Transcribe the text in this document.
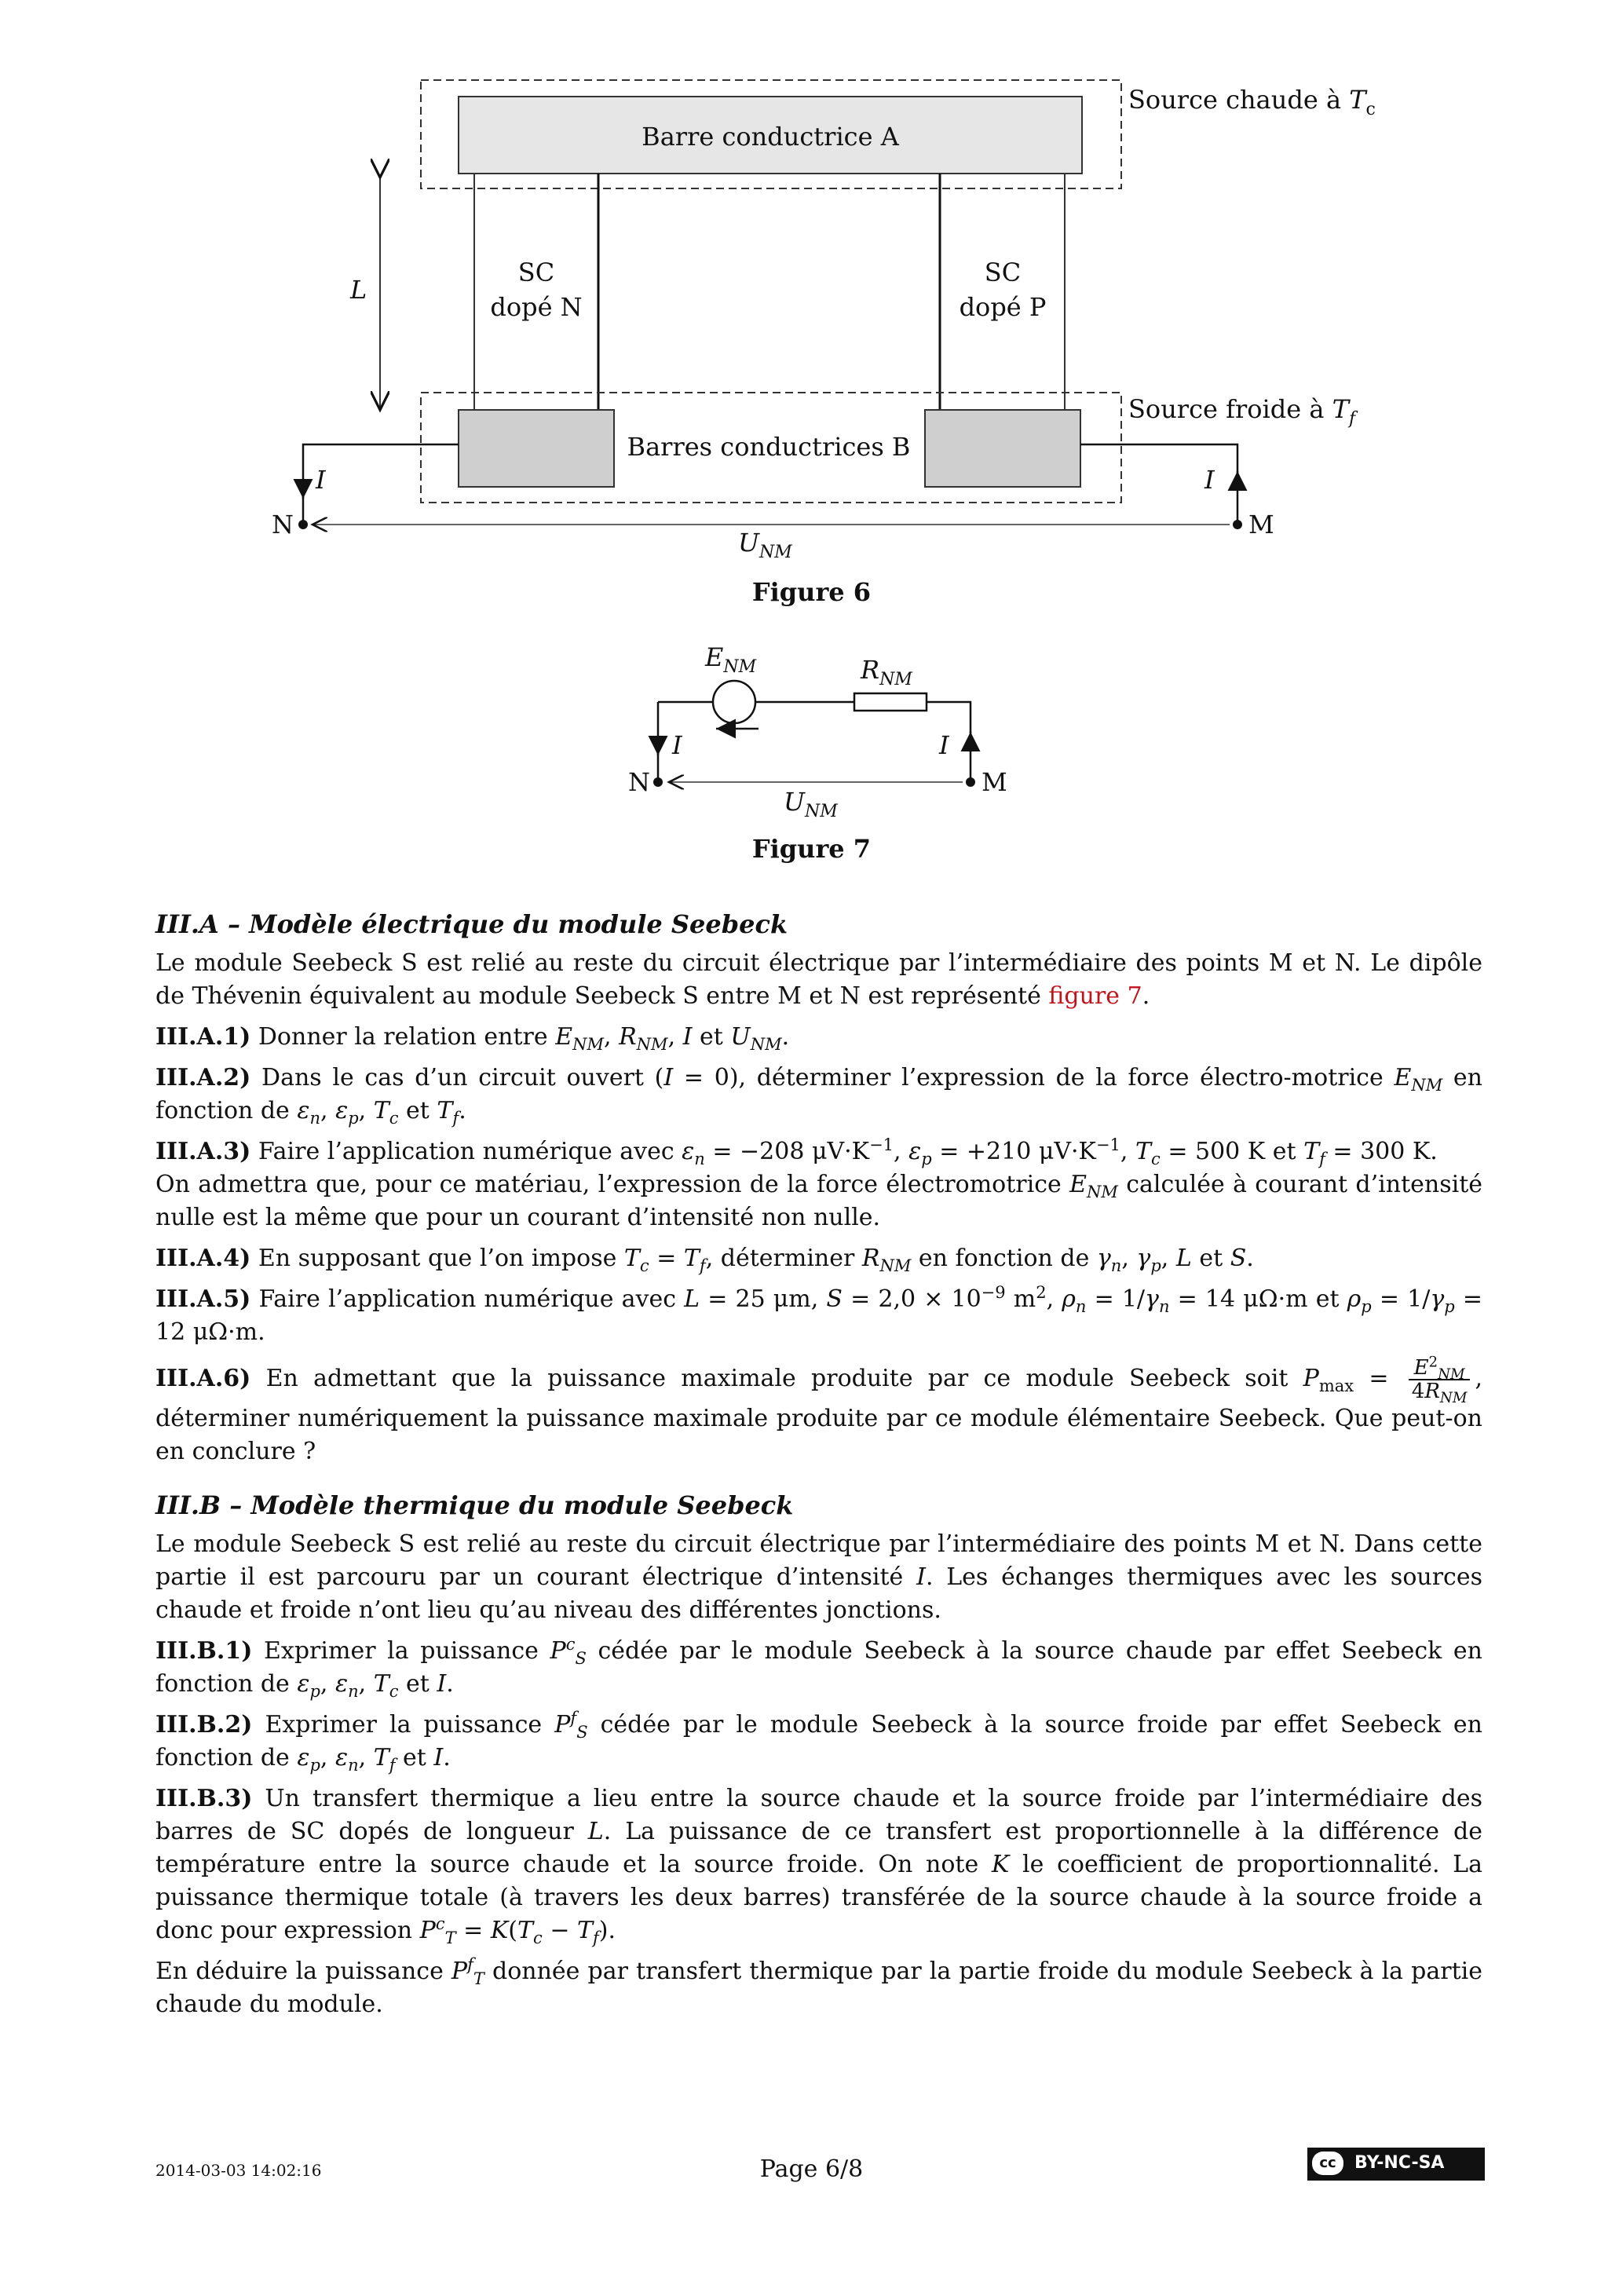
Barre conductrice A
Source chaude à $T_c$
SC
dopé N
SC
dopé P
L
Source froide à $T_f$
Barres conductrices B
I	I
N	M
$U_{NM}$
Figure 6
$E_{NM}$	$R_{NM}$
I	I
N	M
$U_{NM}$
Figure 7

III.A – Modèle électrique du module Seebeck

Le module Seebeck S est relié au reste du circuit électrique par l’intermédiaire des points M et N. Le dipôle de Thévenin équivalent au module Seebeck S entre M et N est représenté figure 7.

III.A.1) Donner la relation entre $E_{NM}$, $R_{NM}$, I et $U_{NM}$.

III.A.2) Dans le cas d’un circuit ouvert (I = 0), déterminer l’expression de la force électro-motrice $E_{NM}$ en fonction de $\varepsilon_n$, $\varepsilon_p$, $T_c$ et $T_f$.

III.A.3) Faire l’application numérique avec $\varepsilon_n = -208$ $\mu V\cdot K^{-1}$, $\varepsilon_p = +210$ $\mu V\cdot K^{-1}$, $T_c = 500$ K et $T_f = 300$ K.

On admettra que, pour ce matériau, l’expression de la force électromotrice $E_{NM}$ calculée à courant d’intensité nulle est la même que pour un courant d’intensité non nulle.

III.A.4) En supposant que l’on impose $T_c = T_f$, déterminer $R_{NM}$ en fonction de $\gamma_n$, $\gamma_p$, L et S.

III.A.5) Faire l’application numérique avec L = 25 μm, $S = 2,0 \times 10^{-9}$ $m^2$, $\rho_n = 1/\gamma_n = 14$ μΩ·m et $\rho_p = 1/\gamma_p = 12$ μΩ·m.

III.A.6) En admettant que la puissance maximale produite par ce module Seebeck soit $P_{max} = \frac{E^2_{NM}}{4R_{NM}}$ , déterminer numériquement la puissance maximale produite par ce module élémentaire Seebeck. Que peut-on en conclure ?

III.B – Modèle thermique du module Seebeck

Le module Seebeck S est relié au reste du circuit électrique par l’intermédiaire des points M et N. Dans cette partie il est parcouru par un courant électrique d’intensité I. Les échanges thermiques avec les sources chaude et froide n’ont lieu qu’au niveau des différentes jonctions.

III.B.1) Exprimer la puissance $P^c_S$ cédée par le module Seebeck à la source chaude par effet Seebeck en fonction de $\varepsilon_p$, $\varepsilon_n$, $T_c$ et I.

III.B.2) Exprimer la puissance $P^f_S$ cédée par le module Seebeck à la source froide par effet Seebeck en fonction de $\varepsilon_p$, $\varepsilon_n$, $T_f$ et I.

III.B.3) Un transfert thermique a lieu entre la source chaude et la source froide par l’intermédiaire des barres de SC dopés de longueur L. La puissance de ce transfert est proportionnelle à la différence de température entre la source chaude et la source froide. On note K le coefficient de proportionnalité. La puissance thermique totale (à travers les deux barres) transférée de la source chaude à la source froide a donc pour expression $P^c_T = K(T_c - T_f)$.

En déduire la puissance $P^f_T$ donnée par transfert thermique par la partie froide du module Seebeck à la partie chaude du module.

2014-03-03 14:02:16	Page 6/8	cc	BY-NC-SA
